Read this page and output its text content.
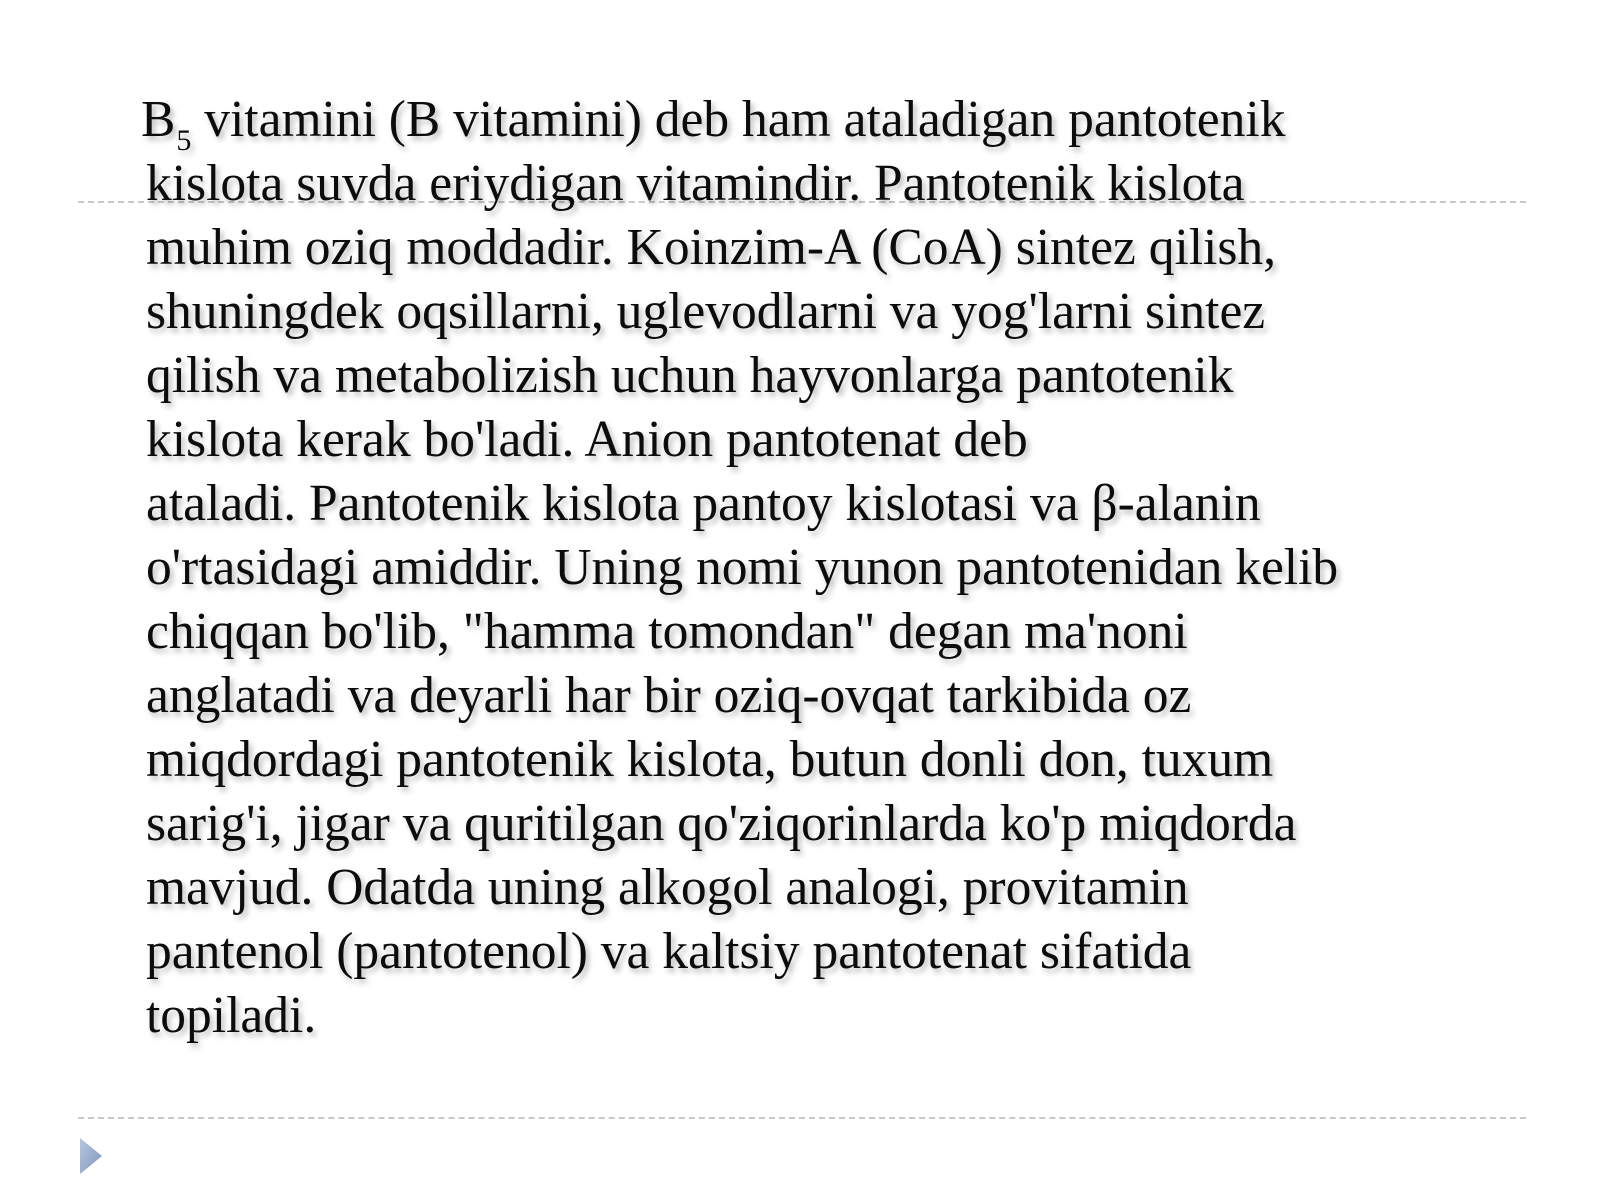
$B_5$ vitamini (B vitamini) deb ham ataladigan pantotenik
kislota suvda eriydigan vitamindir. Pantotenik kislota
muhim oziq moddadir. Koinzim-A (CoA) sintez qilish,
shuningdek oqsillarni, uglevodlarni va yog'larni sintez
qilish va metabolizish uchun hayvonlarga pantotenik
kislota kerak bo'ladi. Anion pantotenat deb
ataladi. Pantotenik kislota pantoy kislotasi va β-alanin
o'rtasidagi amiddir. Uning nomi yunon pantotenidan kelib
chiqqan bo'lib, "hamma tomondan" degan ma'noni
anglatadi va deyarli har bir oziq-ovqat tarkibida oz
miqdordagi pantotenik kislota, butun donli don, tuxum
sarig'i, jigar va quritilgan qo'ziqorinlarda ko'p miqdorda
mavjud. Odatda uning alkogol analogi, provitamin
pantenol (pantotenol) va kaltsiy pantotenat sifatida
topiladi.
